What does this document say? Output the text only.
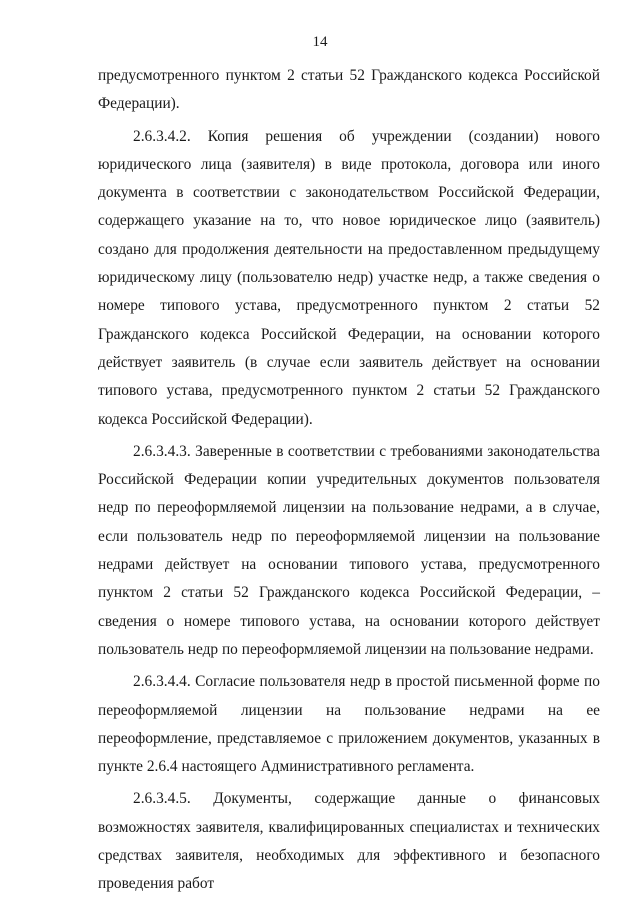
14

предусмотренного пунктом 2 статьи 52 Гражданского кодекса Российской Федерации).

2.6.3.4.2. Копия решения об учреждении (создании) нового юридического лица (заявителя) в виде протокола, договора или иного документа в соответствии с законодательством Российской Федерации, содержащего указание на то, что новое юридическое лицо (заявитель) создано для продолжения деятельности на предоставленном предыдущему юридическому лицу (пользователю недр) участке недр, а также сведения о номере типового устава, предусмотренного пунктом 2 статьи 52 Гражданского кодекса Российской Федерации, на основании которого действует заявитель (в случае если заявитель действует на основании типового устава, предусмотренного пунктом 2 статьи 52 Гражданского кодекса Российской Федерации).

2.6.3.4.3. Заверенные в соответствии с требованиями законодательства Российской Федерации копии учредительных документов пользователя недр по переоформляемой лицензии на пользование недрами, а в случае, если пользователь недр по переоформляемой лицензии на пользование недрами действует на основании типового устава, предусмотренного пунктом 2 статьи 52 Гражданского кодекса Российской Федерации, – сведения о номере типового устава, на основании которого действует пользователь недр по переоформляемой лицензии на пользование недрами.

2.6.3.4.4. Согласие пользователя недр в простой письменной форме по переоформляемой лицензии на пользование недрами на ее переоформление, представляемое с приложением документов, указанных в пункте 2.6.4 настоящего Административного регламента.

2.6.3.4.5. Документы, содержащие данные о финансовых возможностях заявителя, квалифицированных специалистах и технических средствах заявителя, необходимых для эффективного и безопасного проведения работ
